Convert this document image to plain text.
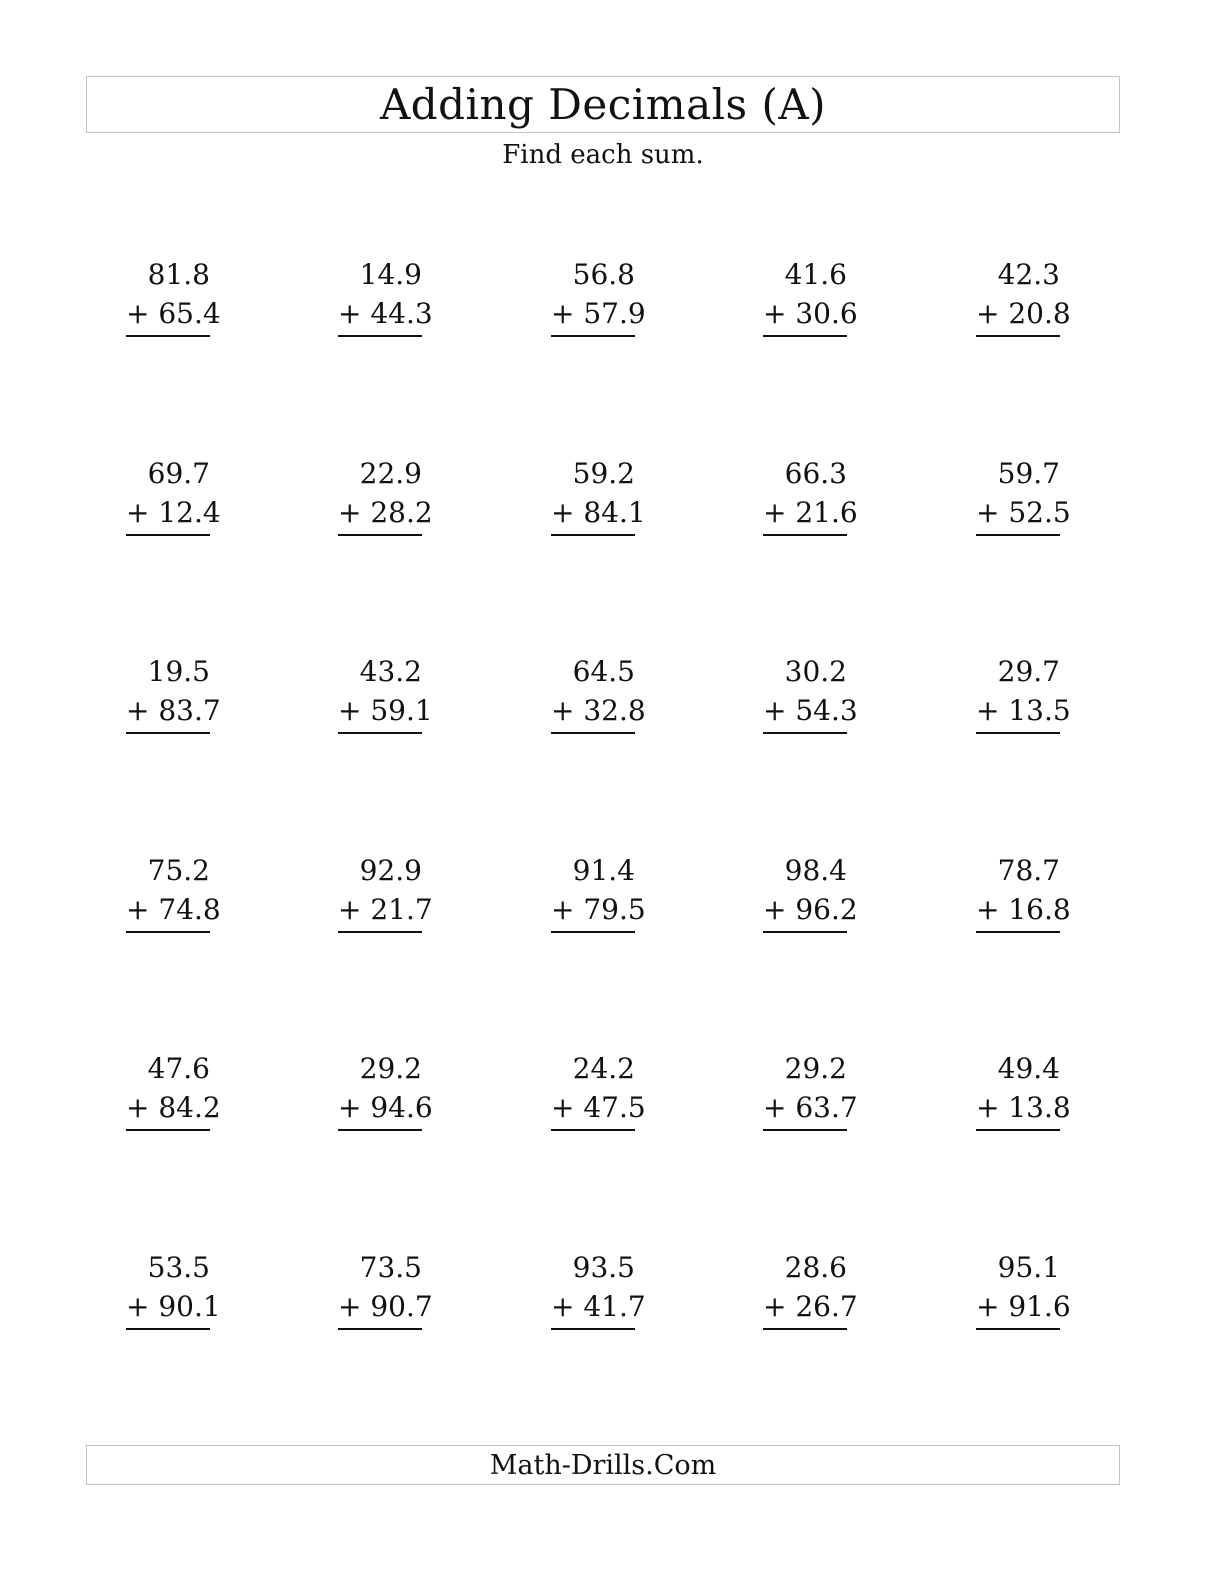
Adding Decimals (A)
Find each sum.
81.8
+ 65.4
14.9
+ 44.3
56.8
+ 57.9
41.6
+ 30.6
42.3
+ 20.8
69.7
+ 12.4
22.9
+ 28.2
59.2
+ 84.1
66.3
+ 21.6
59.7
+ 52.5
19.5
+ 83.7
43.2
+ 59.1
64.5
+ 32.8
30.2
+ 54.3
29.7
+ 13.5
75.2
+ 74.8
92.9
+ 21.7
91.4
+ 79.5
98.4
+ 96.2
78.7
+ 16.8
47.6
+ 84.2
29.2
+ 94.6
24.2
+ 47.5
29.2
+ 63.7
49.4
+ 13.8
53.5
+ 90.1
73.5
+ 90.7
93.5
+ 41.7
28.6
+ 26.7
95.1
+ 91.6
Math-Drills.Com
